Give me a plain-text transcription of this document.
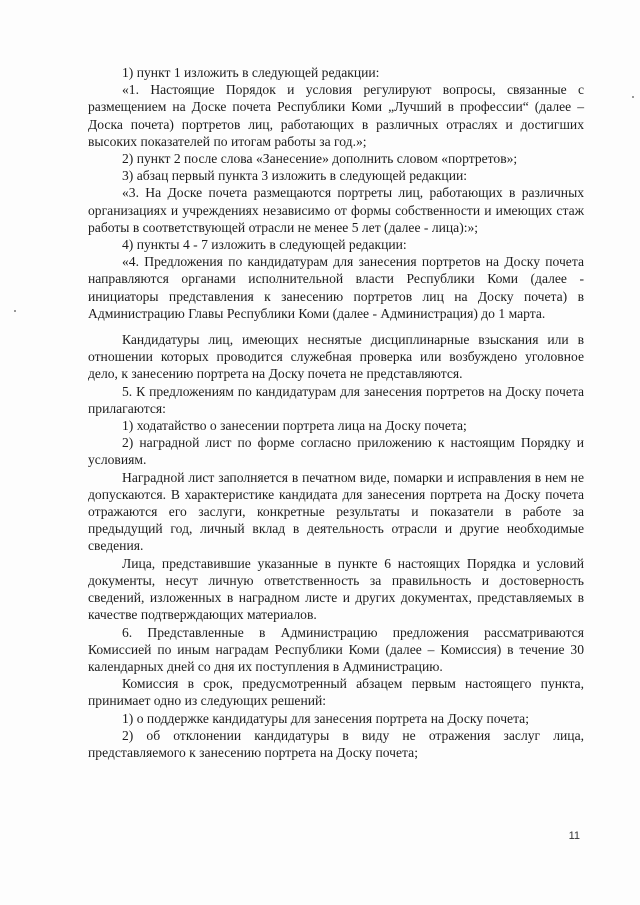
1) пункт 1 изложить в следующей редакции:

«1. Настоящие Порядок и условия регулируют вопросы, связанные с размещением на Доске почета Республики Коми „Лучший в профессии“ (далее – Доска почета) портретов лиц, работающих в различных отраслях и достигших высоких показателей по итогам работы за год.»;

2) пункт 2 после слова «Занесение» дополнить словом «портретов»;

3) абзац первый пункта 3 изложить в следующей редакции:

«3. На Доске почета размещаются портреты лиц, работающих в различных организациях и учреждениях независимо от формы собственности и имеющих стаж работы в соответствующей отрасли не менее 5 лет (далее - лица):»;

4) пункты 4 - 7 изложить в следующей редакции:

«4. Предложения по кандидатурам для занесения портретов на Доску почета направляются органами исполнительной власти Республики Коми (далее - инициаторы представления к занесению портретов лиц на Доску почета) в Администрацию Главы Республики Коми (далее - Администрация) до 1 марта.

Кандидатуры лиц, имеющих неснятые дисциплинарные взыскания или в отношении которых проводится служебная проверка или возбуждено уголовное дело, к занесению портрета на Доску почета не представляются.

5. К предложениям по кандидатурам для занесения портретов на Доску почета прилагаются:

1) ходатайство о занесении портрета лица на Доску почета;

2) наградной лист по форме согласно приложению к настоящим Порядку и условиям.

Наградной лист заполняется в печатном виде, помарки и исправления в нем не допускаются. В характеристике кандидата для занесения портрета на Доску почета отражаются его заслуги, конкретные результаты и показатели в работе за предыдущий год, личный вклад в деятельность отрасли и другие необходимые сведения.

Лица, представившие указанные в пункте 6 настоящих Порядка и условий документы, несут личную ответственность за правильность и достоверность сведений, изложенных в наградном листе и других документах, представляемых в качестве подтверждающих материалов.

6. Представленные в Администрацию предложения рассматриваются Комиссией по иным наградам Республики Коми (далее – Комиссия) в течение 30 календарных дней со дня их поступления в Администрацию.

Комиссия в срок, предусмотренный абзацем первым настоящего пункта, принимает одно из следующих решений:

1) о поддержке кандидатуры для занесения портрета на Доску почета;

2) об отклонении кандидатуры в виду не отражения заслуг лица, представляемого к занесению портрета на Доску почета;

11
